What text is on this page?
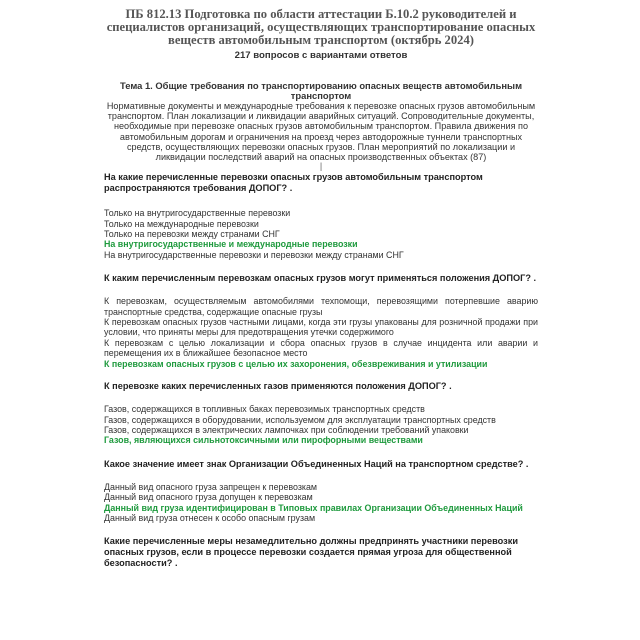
ПБ 812.13 Подготовка по области аттестации Б.10.2 руководителей и специалистов организаций, осуществляющих транспортирование опасных веществ автомобильным транспортом (октябрь 2024)

217 вопросов с вариантами ответов

Тема 1. Общие требования по транспортированию опасных веществ автомобильным транспортом

Нормативные документы и международные требования к перевозке опасных грузов автомобильным транспортом. План локализации и ликвидации аварийных ситуаций. Сопроводительные документы, необходимые при перевозке опасных грузов автомобильным транспортом. Правила движения по автомобильным дорогам и ограничения на проезд через автодорожные туннели транспортных средств, осуществляющих перевозки опасных грузов. План мероприятий по локализации и ликвидации последствий аварий на опасных производственных объектах (87)

|

На какие перечисленные перевозки опасных грузов автомобильным транспортом распространяются требования ДОПОГ? .

Только на внутригосударственные перевозки

Только на международные перевозки

Только на перевозки между странами СНГ

На внутригосударственные и международные перевозки

На внутригосударственные перевозки и перевозки между странами СНГ

К каким перечисленным перевозкам опасных грузов могут применяться положения ДОПОГ? .

К перевозкам, осуществляемым автомобилями техпомощи, перевозящими потерпевшие аварию транспортные средства, содержащие опасные грузы

К перевозкам опасных грузов частными лицами, когда эти грузы упакованы для розничной продажи при условии, что приняты меры для предотвращения утечки содержимого

К перевозкам с целью локализации и сбора опасных грузов в случае инцидента или аварии и перемещения их в ближайшее безопасное место

К перевозкам опасных грузов с целью их захоронения, обезвреживания и утилизации

К перевозке каких перечисленных газов применяются положения ДОПОГ? .

Газов, содержащихся в топливных баках перевозимых транспортных средств

Газов, содержащихся в оборудовании, используемом для эксплуатации транспортных средств

Газов, содержащихся в электрических лампочках при соблюдении требований упаковки

Газов, являющихся сильнотоксичными или пирофорными веществами

Какое значение имеет знак Организации Объединенных Наций на транспортном средстве? .

Данный вид опасного груза запрещен к перевозкам

Данный вид опасного груза допущен к перевозкам

Данный вид груза идентифицирован в Типовых правилах Организации Объединенных Наций

Данный вид груза отнесен к особо опасным грузам

Какие перечисленные меры незамедлительно должны предпринять участники перевозки опасных грузов, если в процессе перевозки создается прямая угроза для общественной безопасности? .
